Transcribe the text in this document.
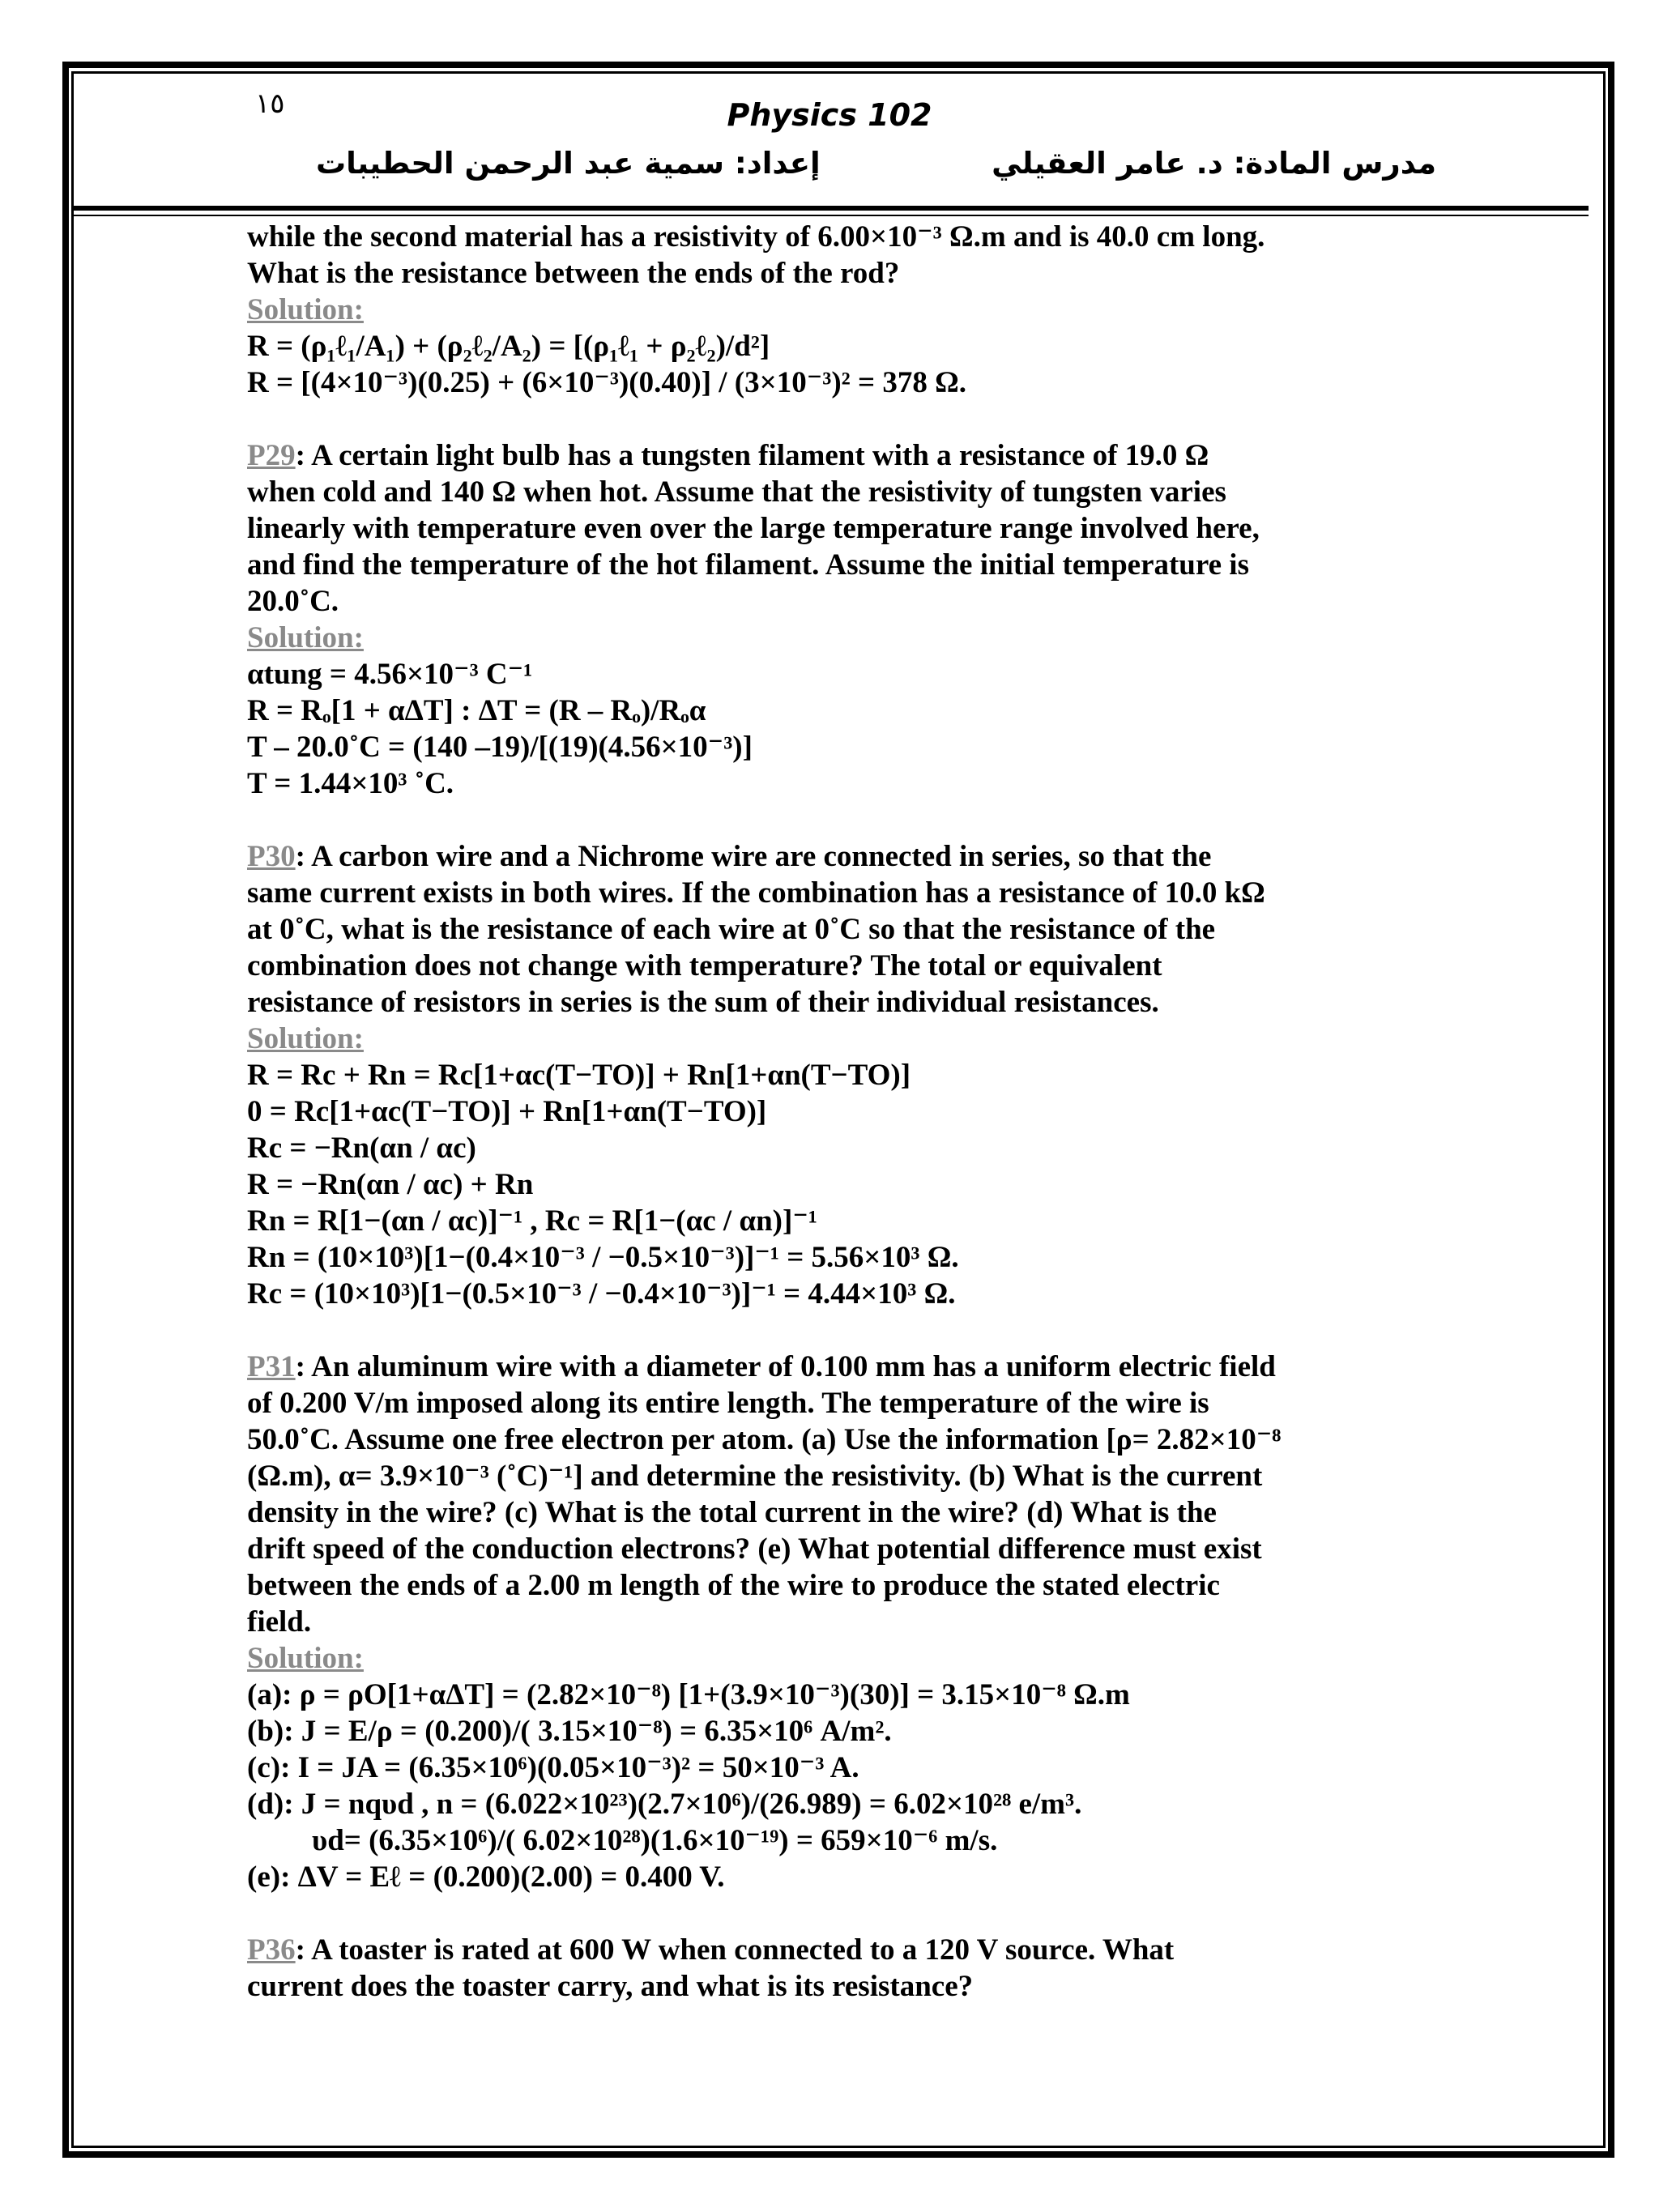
١٥	Physics 102
إعداد: سمية عبد الرحمن الحطيبات	مدرس المادة: د. عامر العقيلي
while the second material has a resistivity of 6.00×10⁻³ Ω.m and is 40.0 cm long.
What is the resistance between the ends of the rod?
Solution:
R = (ρ₁ℓ₁/A₁) + (ρ₂ℓ₂/A₂) = [(ρ₁ℓ₁ + ρ₂ℓ₂)/d²]
R = [(4×10⁻³)(0.25) + (6×10⁻³)(0.40)] / (3×10⁻³)² = 378 Ω.
P29: A certain light bulb has a tungsten filament with a resistance of 19.0 Ω
when cold and 140 Ω when hot. Assume that the resistivity of tungsten varies
linearly with temperature even over the large temperature range involved here,
and find the temperature of the hot filament. Assume the initial temperature is
20.0˚C.
Solution:
αtung = 4.56×10⁻³ C⁻¹
R = Rₒ[1 + αΔT] : ΔT = (R – Rₒ)/Rₒα
T – 20.0˚C = (140 –19)/[(19)(4.56×10⁻³)]
T = 1.44×10³ ˚C.
P30: A carbon wire and a Nichrome wire are connected in series, so that the
same current exists in both wires. If the combination has a resistance of 10.0 kΩ
at 0˚C, what is the resistance of each wire at 0˚C so that the resistance of the
combination does not change with temperature? The total or equivalent
resistance of resistors in series is the sum of their individual resistances.
Solution:
R = Rc + Rn = Rc[1+αc(T−TO)] + Rn[1+αn(T−TO)]
0 = Rc[1+αc(T−TO)] + Rn[1+αn(T−TO)]
Rc = −Rn(αn / αc)
R = −Rn(αn / αc) + Rn
Rn = R[1−(αn / αc)]⁻¹ , Rc = R[1−(αc / αn)]⁻¹
Rn = (10×10³)[1−(0.4×10⁻³ / −0.5×10⁻³)]⁻¹ = 5.56×10³ Ω.
Rc = (10×10³)[1−(0.5×10⁻³ / −0.4×10⁻³)]⁻¹ = 4.44×10³ Ω.
P31: An aluminum wire with a diameter of 0.100 mm has a uniform electric field
of 0.200 V/m imposed along its entire length. The temperature of the wire is
50.0˚C. Assume one free electron per atom. (a) Use the information [ρ= 2.82×10⁻⁸
(Ω.m), α= 3.9×10⁻³ (˚C)⁻¹] and determine the resistivity. (b) What is the current
density in the wire? (c) What is the total current in the wire? (d) What is the
drift speed of the conduction electrons? (e) What potential difference must exist
between the ends of a 2.00 m length of the wire to produce the stated electric
field.
Solution:
(a): ρ = ρO[1+αΔT] = (2.82×10⁻⁸) [1+(3.9×10⁻³)(30)] = 3.15×10⁻⁸ Ω.m
(b): J = E/ρ = (0.200)/( 3.15×10⁻⁸) = 6.35×10⁶ A/m².
(c): I = JA = (6.35×10⁶)(0.05×10⁻³)² = 50×10⁻³ A.
(d): J = nqυd , n = (6.022×10²³)(2.7×10⁶)/(26.989) = 6.02×10²⁸ e/m³.
υd= (6.35×10⁶)/( 6.02×10²⁸)(1.6×10⁻¹⁹) = 659×10⁻⁶ m/s.
(e): ΔV = Eℓ = (0.200)(2.00) = 0.400 V.
P36: A toaster is rated at 600 W when connected to a 120 V source. What
current does the toaster carry, and what is its resistance?
